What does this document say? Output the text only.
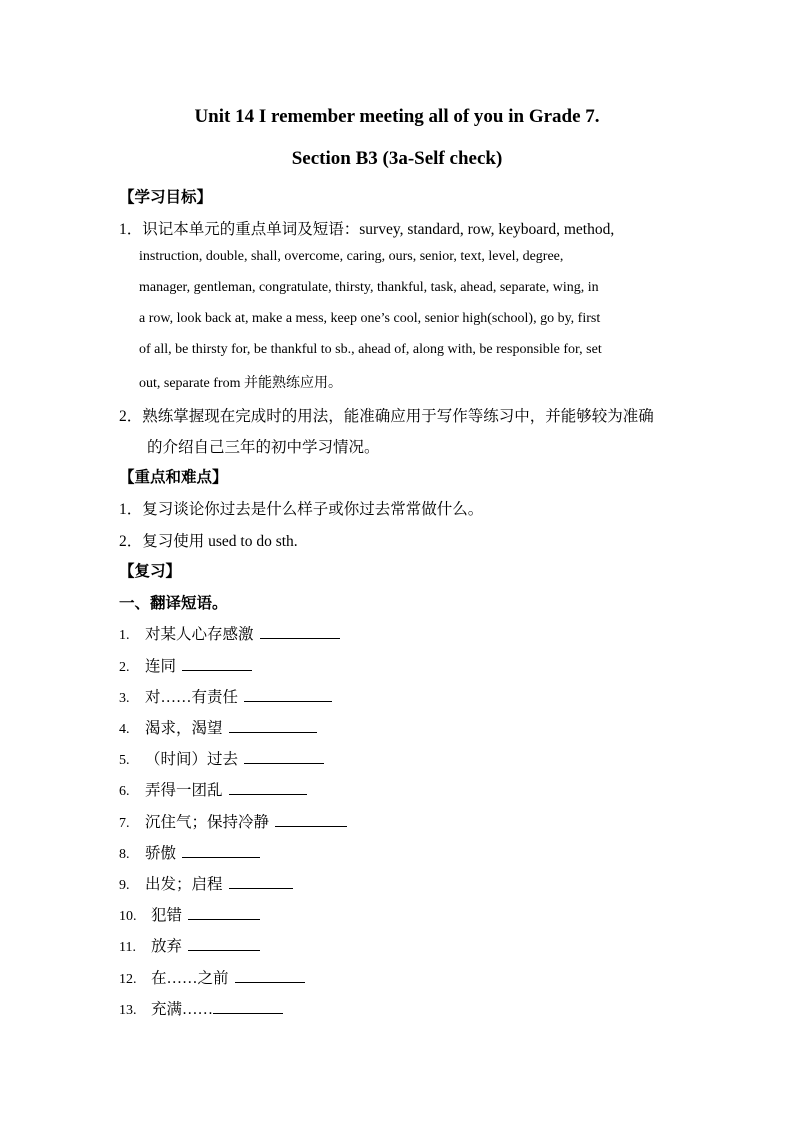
Unit 14 I remember meeting all of you in Grade 7.
Section B3 (3a-Self check)
【学习目标】
1．识记本单元的重点单词及短语：survey, standard, row, keyboard, method,
instruction, double, shall, overcome, caring, ours, senior, text, level, degree,
manager, gentleman, congratulate, thirsty, thankful, task, ahead, separate, wing, in
a row, look back at, make a mess, keep one’s cool, senior high(school), go by, first
of all, be thirsty for, be thankful to sb., ahead of, along with, be responsible for, set
out, separate from 并能熟练应用。
2．熟练掌握现在完成时的用法，能准确应用于写作等练习中，并能够较为准确
的介绍自己三年的初中学习情况。
【重点和难点】
1．复习谈论你过去是什么样子或你过去常常做什么。
2．复习使用 used to do sth.
【复习】
一、翻译短语。
1. 对某人心存感激
2. 连同
3. 对……有责任
4. 渴求，渴望
5. （时间）过去
6. 弄得一团乱
7. 沉住气；保持冷静
8. 骄傲
9. 出发；启程
10. 犯错
11. 放弃
12. 在……之前
13. 充满……
